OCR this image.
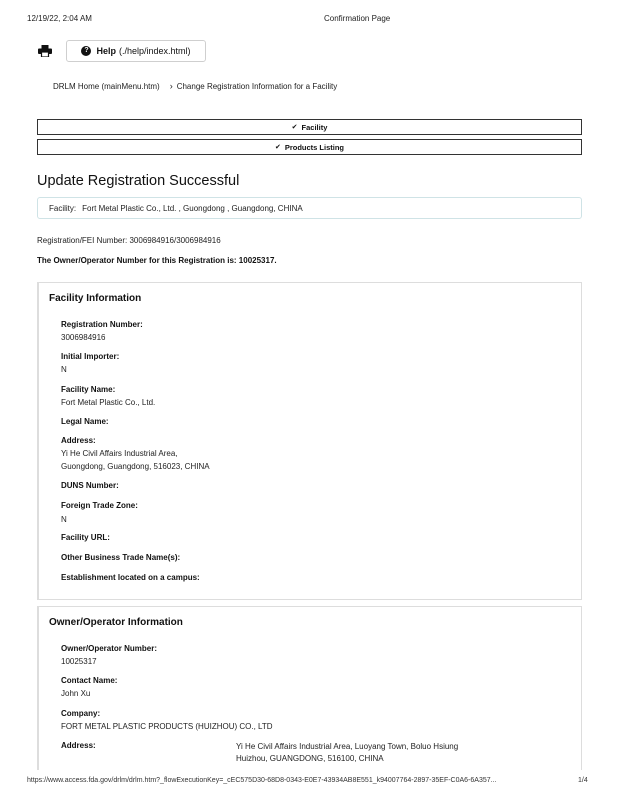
12/19/22, 2:04 AM	Confirmation Page
? Help (./help/index.html)
DRLM Home (mainMenu.htm) › Change Registration Information for a Facility
✔ Facility
✔ Products Listing
Update Registration Successful
Facility: Fort Metal Plastic Co., Ltd. , Guongdong , Guangdong, CHINA
Registration/FEI Number: 3006984916/3006984916
The Owner/Operator Number for this Registration is: 10025317.
Facility Information
Registration Number:
3006984916
Initial Importer:
N
Facility Name:
Fort Metal Plastic Co., Ltd.
Legal Name:
Address:
Yi He Civil Affairs Industrial Area,
Guongdong, Guangdong, 516023, CHINA
DUNS Number:
Foreign Trade Zone:
N
Facility URL:
Other Business Trade Name(s):
Establishment located on a campus:
Owner/Operator Information
Owner/Operator Number:
10025317
Contact Name:
John Xu
Company:
FORT METAL PLASTIC PRODUCTS (HUIZHOU) CO., LTD
Address:	Yi He Civil Affairs Industrial Area, Luoyang Town, Boluo Hsiung
Huizhou, GUANGDONG, 516100, CHINA
https://www.access.fda.gov/drlm/drlm.htm?_flowExecutionKey=_cEC575D30-68D8-0343-E0E7-43934AB8E551_k94007764-2897-35EF-C0A6-6A357...	1/4
